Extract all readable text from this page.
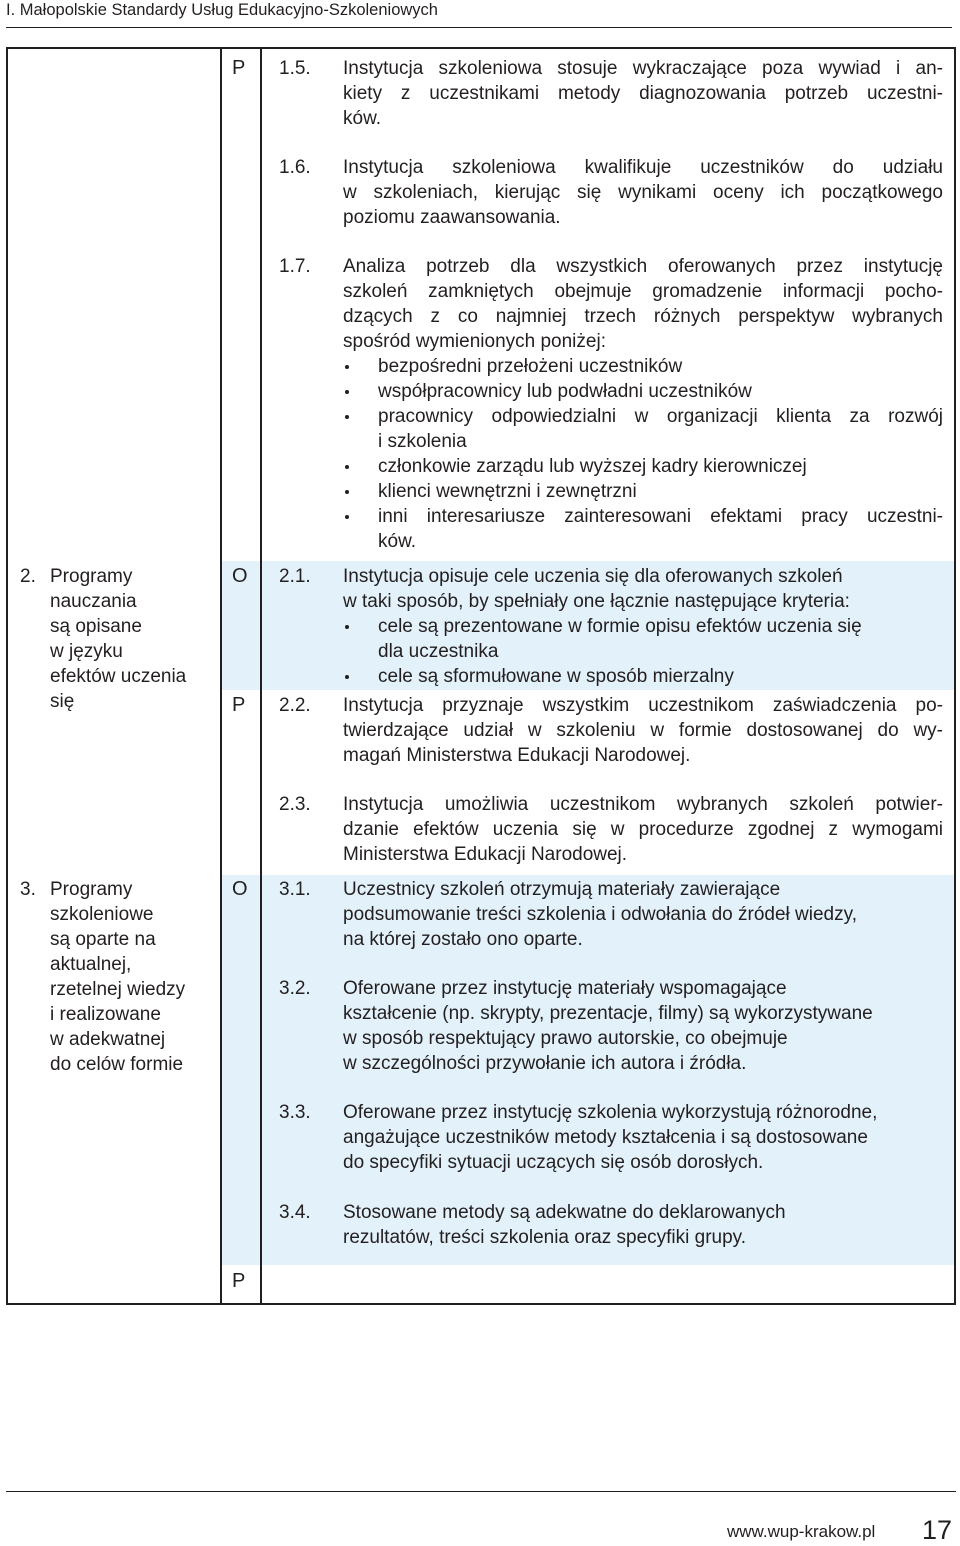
I. Małopolskie Standardy Usług Edukacyjno-Szkoleniowych
2. Programy
nauczania
są opisane
w języku
efektów uczenia
się
3. Programy
szkoleniowe
są oparte na
aktualnej,
rzetelnej wiedzy
i realizowane
w adekwatnej
do celów formie
P
O
P
O
P
1.5. Instytucja szkoleniowa stosuje wykraczające poza wywiad i an-
kiety z uczestnikami metody diagnozowania potrzeb uczestni-
ków.
1.6. Instytucja szkoleniowa kwalifikuje uczestników do udziału
w szkoleniach, kierując się wynikami oceny ich początkowego
poziomu zaawansowania.
1.7. Analiza potrzeb dla wszystkich oferowanych przez instytucję
szkoleń zamkniętych obejmuje gromadzenie informacji pocho-
dzących z co najmniej trzech różnych perspektyw wybranych
spośród wymienionych poniżej:
bezpośredni przełożeni uczestników
współpracownicy lub podwładni uczestników
pracownicy odpowiedzialni w organizacji klienta za rozwój
i szkolenia
członkowie zarządu lub wyższej kadry kierowniczej
klienci wewnętrzni i zewnętrzni
inni interesariusze zainteresowani efektami pracy uczestni-
ków.
2.1. Instytucja opisuje cele uczenia się dla oferowanych szkoleń
w taki sposób, by spełniały one łącznie następujące kryteria:
cele są prezentowane w formie opisu efektów uczenia się
dla uczestnika
cele są sformułowane w sposób mierzalny
2.2. Instytucja przyznaje wszystkim uczestnikom zaświadczenia po-
twierdzające udział w szkoleniu w formie dostosowanej do wy-
magań Ministerstwa Edukacji Narodowej.
2.3. Instytucja umożliwia uczestnikom wybranych szkoleń potwier-
dzanie efektów uczenia się w procedurze zgodnej z wymogami
Ministerstwa Edukacji Narodowej.
3.1. Uczestnicy szkoleń otrzymują materiały zawierające
podsumowanie treści szkolenia i odwołania do źródeł wiedzy,
na której zostało ono oparte.
3.2. Oferowane przez instytucję materiały wspomagające
kształcenie (np. skrypty, prezentacje, filmy) są wykorzystywane
w sposób respektujący prawo autorskie, co obejmuje
w szczególności przywołanie ich autora i źródła.
3.3. Oferowane przez instytucję szkolenia wykorzystują różnorodne,
angażujące uczestników metody kształcenia i są dostosowane
do specyfiki sytuacji uczących się osób dorosłych.
3.4. Stosowane metody są adekwatne do deklarowanych
rezultatów, treści szkolenia oraz specyfiki grupy.
www.wup-krakow.pl 17
